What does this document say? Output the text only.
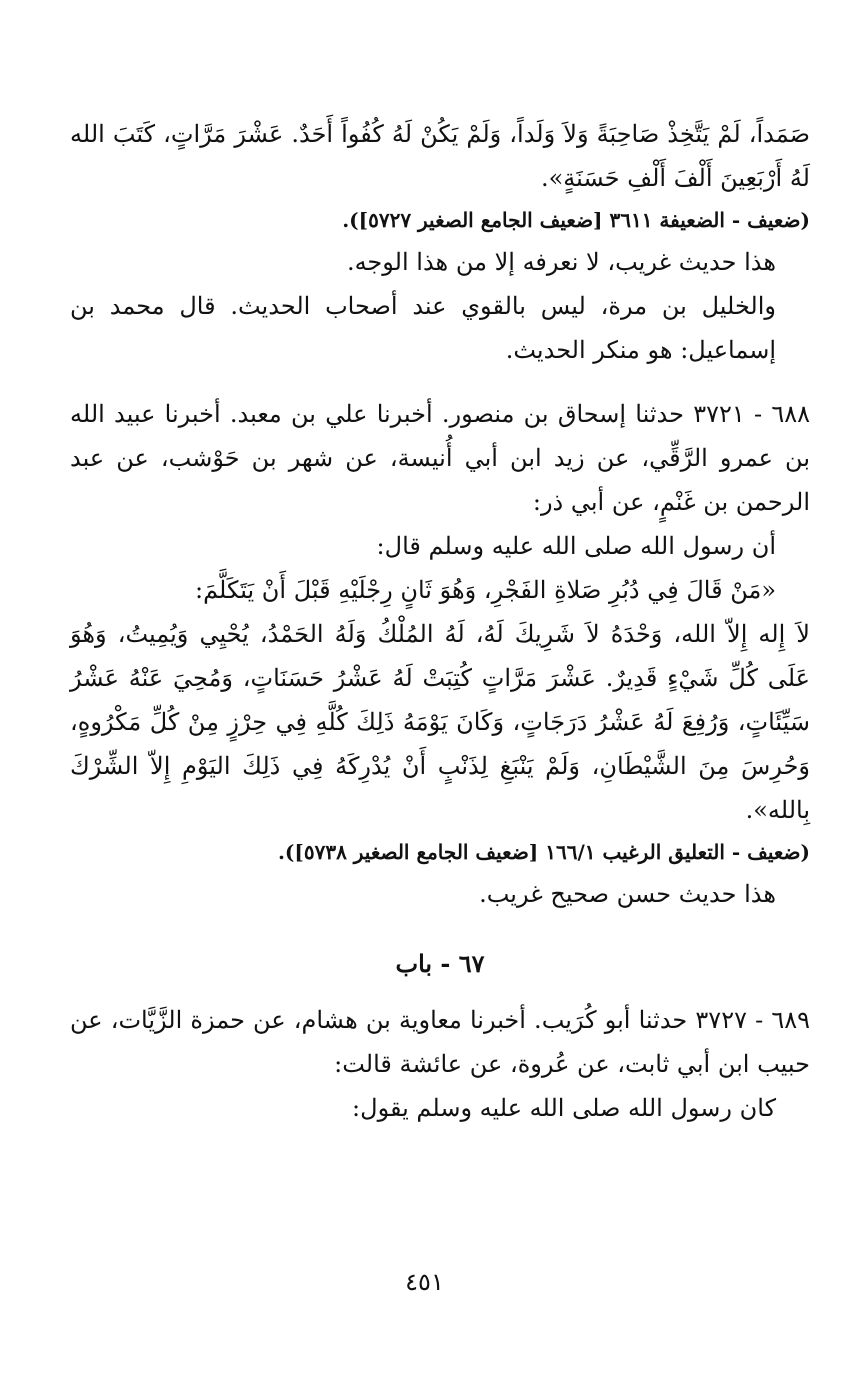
صَمَداً، لَمْ يَتَّخِذْ صَاحِبَةً وَلاَ وَلَداً، وَلَمْ يَكُنْ لَهُ كُفُواً أَحَدٌ. عَشْرَ مَرَّاتٍ، كَتَبَ الله لَهُ أَرْبَعِينَ أَلْفَ أَلْفِ حَسَنَةٍ».

(ضعيف - الضعيفة ٣٦١١ [ضعيف الجامع الصغير ٥٧٢٧]).

هذا حديث غريب، لا نعرفه إلا من هذا الوجه.

والخليل بن مرة، ليس بالقوي عند أصحاب الحديث. قال محمد بن إسماعيل: هو منكر الحديث.

٦٨٨ - ٣٧٢١ حدثنا إسحاق بن منصور. أخبرنا علي بن معبد. أخبرنا عبيد الله بن عمرو الرَّقِّي، عن زيد ابن أبي أُنيسة، عن شهر بن حَوْشب، عن عبد الرحمن بن غَنْمٍ، عن أبي ذر:

أن رسول الله صلى الله عليه وسلم قال:

«مَنْ قَالَ فِي دُبُرِ صَلاةِ الفَجْرِ، وَهُوَ ثَانٍ رِجْلَيْهِ قَبْلَ أَنْ يَتَكَلَّمَ:

لاَ إِله إِلاّ الله، وَحْدَهُ لاَ شَرِيكَ لَهُ، لَهُ المُلْكُ وَلَهُ الحَمْدُ، يُحْيِي وَيُمِيتُ، وَهُوَ عَلَى كُلِّ شَيْءٍ قَدِيرٌ. عَشْرَ مَرَّاتٍ كُتِبَتْ لَهُ عَشْرُ حَسَنَاتٍ، وَمُحِيَ عَنْهُ عَشْرُ سَيِّئَاتٍ، وَرُفِعَ لَهُ عَشْرُ دَرَجَاتٍ، وَكَانَ يَوْمَهُ ذَلِكَ كُلَّهِ فِي حِرْزٍ مِنْ كُلِّ مَكْرُوهٍ، وَحُرِسَ مِنَ الشَّيْطَانِ، وَلَمْ يَنْبَغِ لِذَنْبٍ أَنْ يُدْرِكَهُ فِي ذَلِكَ اليَوْمِ إِلاّ الشِّرْكَ بِالله».

(ضعيف - التعليق الرغيب ١٦٦/١ [ضعيف الجامع الصغير ٥٧٣٨]).

هذا حديث حسن صحيح غريب.

٦٧ - باب

٦٨٩ - ٣٧٢٧ حدثنا أبو كُرَيب. أخبرنا معاوية بن هشام، عن حمزة الزَّيَّات، عن حبيب ابن أبي ثابت، عن عُروة، عن عائشة قالت:

كان رسول الله صلى الله عليه وسلم يقول:

٤٥١
